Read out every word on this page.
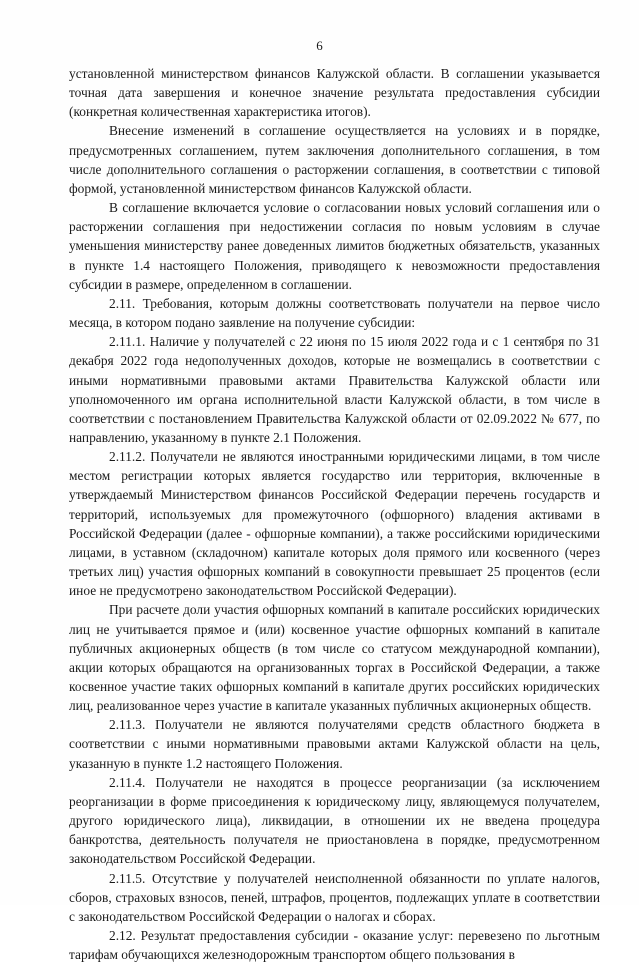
6

установленной министерством финансов Калужской области. В соглашении указывается точная дата завершения и конечное значение результата предоставления субсидии (конкретная количественная характеристика итогов).

Внесение изменений в соглашение осуществляется на условиях и в порядке, предусмотренных соглашением, путем заключения дополнительного соглашения, в том числе дополнительного соглашения о расторжении соглашения, в соответствии с типовой формой, установленной министерством финансов Калужской области.

В соглашение включается условие о согласовании новых условий соглашения или о расторжении соглашения при недостижении согласия по новым условиям в случае уменьшения министерству ранее доведенных лимитов бюджетных обязательств, указанных в пункте 1.4 настоящего Положения, приводящего к невозможности предоставления субсидии в размере, определенном в соглашении.

2.11. Требования, которым должны соответствовать получатели на первое число месяца, в котором подано заявление на получение субсидии:

2.11.1. Наличие у получателей с 22 июня по 15 июля 2022 года и с 1 сентября по 31 декабря 2022 года недополученных доходов, которые не возмещались в соответствии с иными нормативными правовыми актами Правительства Калужской области или уполномоченного им органа исполнительной власти Калужской области, в том числе в соответствии с постановлением Правительства Калужской области от 02.09.2022 № 677, по направлению, указанному в пункте 2.1 Положения.

2.11.2. Получатели не являются иностранными юридическими лицами, в том числе местом регистрации которых является государство или территория, включенные в утверждаемый Министерством финансов Российской Федерации перечень государств и территорий, используемых для промежуточного (офшорного) владения активами в Российской Федерации (далее - офшорные компании), а также российскими юридическими лицами, в уставном (складочном) капитале которых доля прямого или косвенного (через третьих лиц) участия офшорных компаний в совокупности превышает 25 процентов (если иное не предусмотрено законодательством Российской Федерации).

При расчете доли участия офшорных компаний в капитале российских юридических лиц не учитывается прямое и (или) косвенное участие офшорных компаний в капитале публичных акционерных обществ (в том числе со статусом международной компании), акции которых обращаются на организованных торгах в Российской Федерации, а также косвенное участие таких офшорных компаний в капитале других российских юридических лиц, реализованное через участие в капитале указанных публичных акционерных обществ.

2.11.3. Получатели не являются получателями средств областного бюджета в соответствии с иными нормативными правовыми актами Калужской области на цель, указанную в пункте 1.2 настоящего Положения.

2.11.4. Получатели не находятся в процессе реорганизации (за исключением реорганизации в форме присоединения к юридическому лицу, являющемуся получателем, другого юридического лица), ликвидации, в отношении их не введена процедура банкротства, деятельность получателя не приостановлена в порядке, предусмотренном законодательством Российской Федерации.

2.11.5. Отсутствие у получателей неисполненной обязанности по уплате налогов, сборов, страховых взносов, пеней, штрафов, процентов, подлежащих уплате в соответствии с законодательством Российской Федерации о налогах и сборах.

2.12. Результат предоставления субсидии - оказание услуг: перевезено по льготным тарифам обучающихся железнодорожным транспортом общего пользования в
